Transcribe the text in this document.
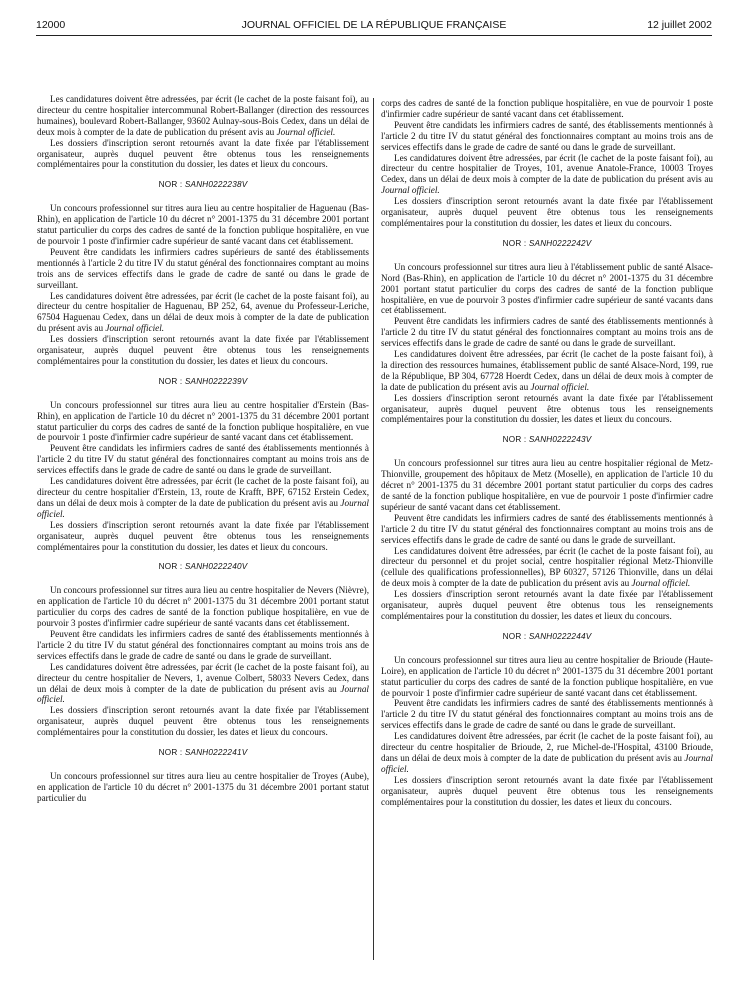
12000	JOURNAL OFFICIEL DE LA RÉPUBLIQUE FRANÇAISE	12 juillet 2002

Les candidatures doivent être adressées, par écrit (le cachet de la poste faisant foi), au directeur du centre hospitalier intercommunal Robert-Ballanger (direction des ressources humaines), boulevard Robert-Ballanger, 93602 Aulnay-sous-Bois Cedex, dans un délai de deux mois à compter de la date de publication du présent avis au Journal officiel.

Les dossiers d'inscription seront retournés avant la date fixée par l'établissement organisateur, auprès duquel peuvent être obtenus tous les renseignements complémentaires pour la constitution du dossier, les dates et lieux du concours.

NOR : SANH0222238V

Un concours professionnel sur titres aura lieu au centre hospitalier de Haguenau (Bas-Rhin), en application de l'article 10 du décret n° 2001-1375 du 31 décembre 2001 portant statut particulier du corps des cadres de santé de la fonction publique hospitalière, en vue de pourvoir 1 poste d'infirmier cadre supérieur de santé vacant dans cet établissement.

Peuvent être candidats les infirmiers cadres supérieurs de santé des établissements mentionnés à l'article 2 du titre IV du statut général des fonctionnaires comptant au moins trois ans de services effectifs dans le grade de cadre de santé ou dans le grade de surveillant.

Les candidatures doivent être adressées, par écrit (le cachet de la poste faisant foi), au directeur du centre hospitalier de Haguenau, BP 252, 64, avenue du Professeur-Leriche, 67504 Haguenau Cedex, dans un délai de deux mois à compter de la date de publication du présent avis au Journal officiel.

Les dossiers d'inscription seront retournés avant la date fixée par l'établissement organisateur, auprès duquel peuvent être obtenus tous les renseignements complémentaires pour la constitution du dossier, les dates et lieux du concours.

NOR : SANH0222239V

Un concours professionnel sur titres aura lieu au centre hospitalier d'Erstein (Bas-Rhin), en application de l'article 10 du décret n° 2001-1375 du 31 décembre 2001 portant statut particulier du corps des cadres de santé de la fonction publique hospitalière, en vue de pourvoir 1 poste d'infirmier cadre supérieur de santé vacant dans cet établissement.

Peuvent être candidats les infirmiers cadres de santé des établissements mentionnés à l'article 2 du titre IV du statut général des fonctionnaires comptant au moins trois ans de services effectifs dans le grade de cadre de santé ou dans le grade de surveillant.

Les candidatures doivent être adressées, par écrit (le cachet de la poste faisant foi), au directeur du centre hospitalier d'Erstein, 13, route de Krafft, BPF, 67152 Erstein Cedex, dans un délai de deux mois à compter de la date de publication du présent avis au Journal officiel.

Les dossiers d'inscription seront retournés avant la date fixée par l'établissement organisateur, auprès duquel peuvent être obtenus tous les renseignements complémentaires pour la constitution du dossier, les dates et lieux du concours.

NOR : SANH0222240V

Un concours professionnel sur titres aura lieu au centre hospitalier de Nevers (Nièvre), en application de l'article 10 du décret n° 2001-1375 du 31 décembre 2001 portant statut particulier du corps des cadres de santé de la fonction publique hospitalière, en vue de pourvoir 3 postes d'infirmier cadre supérieur de santé vacants dans cet établissement.

Peuvent être candidats les infirmiers cadres de santé des établissements mentionnés à l'article 2 du titre IV du statut général des fonctionnaires comptant au moins trois ans de services effectifs dans le grade de cadre de santé ou dans le grade de surveillant.

Les candidatures doivent être adressées, par écrit (le cachet de la poste faisant foi), au directeur du centre hospitalier de Nevers, 1, avenue Colbert, 58033 Nevers Cedex, dans un délai de deux mois à compter de la date de publication du présent avis au Journal officiel.

Les dossiers d'inscription seront retournés avant la date fixée par l'établissement organisateur, auprès duquel peuvent être obtenus tous les renseignements complémentaires pour la constitution du dossier, les dates et lieux du concours.

NOR : SANH0222241V

Un concours professionnel sur titres aura lieu au centre hospitalier de Troyes (Aube), en application de l'article 10 du décret n° 2001-1375 du 31 décembre 2001 portant statut particulier du

corps des cadres de santé de la fonction publique hospitalière, en vue de pourvoir 1 poste d'infirmier cadre supérieur de santé vacant dans cet établissement.

Peuvent être candidats les infirmiers cadres de santé, des établissements mentionnés à l'article 2 du titre IV du statut général des fonctionnaires comptant au moins trois ans de services effectifs dans le grade de cadre de santé ou dans le grade de surveillant.

Les candidatures doivent être adressées, par écrit (le cachet de la poste faisant foi), au directeur du centre hospitalier de Troyes, 101, avenue Anatole-France, 10003 Troyes Cedex, dans un délai de deux mois à compter de la date de publication du présent avis au Journal officiel.

Les dossiers d'inscription seront retournés avant la date fixée par l'établissement organisateur, auprès duquel peuvent être obtenus tous les renseignements complémentaires pour la constitution du dossier, les dates et lieux du concours.

NOR : SANH0222242V

Un concours professionnel sur titres aura lieu à l'établissement public de santé Alsace-Nord (Bas-Rhin), en application de l'article 10 du décret n° 2001-1375 du 31 décembre 2001 portant statut particulier du corps des cadres de santé de la fonction publique hospitalière, en vue de pourvoir 3 postes d'infirmier cadre supérieur de santé vacants dans cet établissement.

Peuvent être candidats les infirmiers cadres de santé des établissements mentionnés à l'article 2 du titre IV du statut général des fonctionnaires comptant au moins trois ans de services effectifs dans le grade de cadre de santé ou dans le grade de surveillant.

Les candidatures doivent être adressées, par écrit (le cachet de la poste faisant foi), à la direction des ressources humaines, établissement public de santé Alsace-Nord, 199, rue de la République, BP 304, 67728 Hoerdt Cedex, dans un délai de deux mois à compter de la date de publication du présent avis au Journal officiel.

Les dossiers d'inscription seront retournés avant la date fixée par l'établissement organisateur, auprès duquel peuvent être obtenus tous les renseignements complémentaires pour la constitution du dossier, les dates et lieux du concours.

NOR : SANH0222243V

Un concours professionnel sur titres aura lieu au centre hospitalier régional de Metz-Thionville, groupement des hôpitaux de Metz (Moselle), en application de l'article 10 du décret n° 2001-1375 du 31 décembre 2001 portant statut particulier du corps des cadres de santé de la fonction publique hospitalière, en vue de pourvoir 1 poste d'infirmier cadre supérieur de santé vacant dans cet établissement.

Peuvent être candidats les infirmiers cadres de santé des établissements mentionnés à l'article 2 du titre IV du statut général des fonctionnaires comptant au moins trois ans de services effectifs dans le grade de cadre de santé ou dans le grade de surveillant.

Les candidatures doivent être adressées, par écrit (le cachet de la poste faisant foi), au directeur du personnel et du projet social, centre hospitalier régional Metz-Thionville (cellule des qualifications professionnelles), BP 60327, 57126 Thionville, dans un délai de deux mois à compter de la date de publication du présent avis au Journal officiel.

Les dossiers d'inscription seront retournés avant la date fixée par l'établissement organisateur, auprès duquel peuvent être obtenus tous les renseignements complémentaires pour la constitution du dossier, les dates et lieux du concours.

NOR : SANH0222244V

Un concours professionnel sur titres aura lieu au centre hospitalier de Brioude (Haute-Loire), en application de l'article 10 du décret n° 2001-1375 du 31 décembre 2001 portant statut particulier du corps des cadres de santé de la fonction publique hospitalière, en vue de pourvoir 1 poste d'infirmier cadre supérieur de santé vacant dans cet établissement.

Peuvent être candidats les infirmiers cadres de santé des établissements mentionnés à l'article 2 du titre IV du statut général des fonctionnaires comptant au moins trois ans de services effectifs dans le grade de cadre de santé ou dans le grade de surveillant.

Les candidatures doivent être adressées, par écrit (le cachet de la poste faisant foi), au directeur du centre hospitalier de Brioude, 2, rue Michel-de-l'Hospital, 43100 Brioude, dans un délai de deux mois à compter de la date de publication du présent avis au Journal officiel.

Les dossiers d'inscription seront retournés avant la date fixée par l'établissement organisateur, auprès duquel peuvent être obtenus tous les renseignements complémentaires pour la constitution du dossier, les dates et lieux du concours.
